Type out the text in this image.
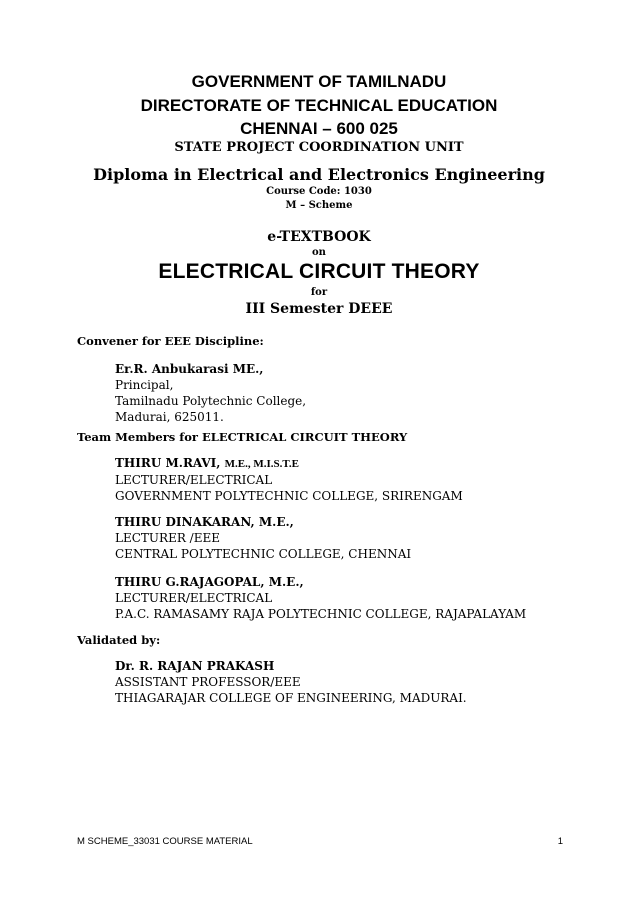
GOVERNMENT OF TAMILNADU
DIRECTORATE OF TECHNICAL EDUCATION
CHENNAI – 600 025
STATE PROJECT COORDINATION UNIT
Diploma in Electrical and Electronics Engineering
Course Code: 1030
M – Scheme
e-TEXTBOOK
on
ELECTRICAL CIRCUIT THEORY
for
III Semester DEEE
Convener for EEE Discipline:
Er.R. Anbukarasi ME.,
Principal,
Tamilnadu Polytechnic College,
Madurai, 625011.
Team Members for ELECTRICAL CIRCUIT THEORY
THIRU M.RAVI, M.E., M.I.S.T.E
LECTURER/ELECTRICAL
GOVERNMENT POLYTECHNIC COLLEGE, SRIRENGAM
THIRU DINAKARAN, M.E.,
LECTURER /EEE
CENTRAL POLYTECHNIC COLLEGE, CHENNAI
THIRU G.RAJAGOPAL, M.E.,
LECTURER/ELECTRICAL
P.A.C. RAMASAMY RAJA POLYTECHNIC COLLEGE, RAJAPALAYAM
Validated by:
Dr. R. RAJAN PRAKASH
ASSISTANT PROFESSOR/EEE
THIAGARAJAR COLLEGE OF ENGINEERING, MADURAI.
M SCHEME_33031 COURSE MATERIAL	1
